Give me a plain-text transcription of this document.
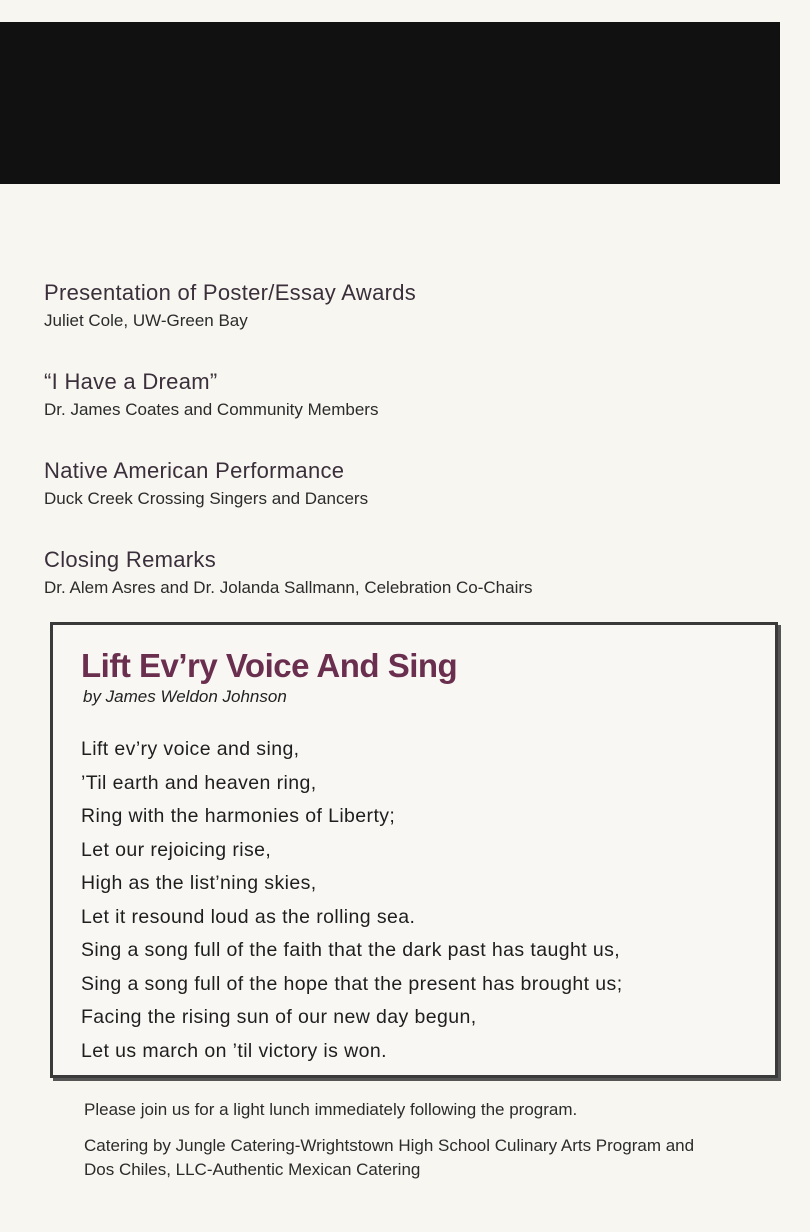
Presentation of Poster/Essay Awards
Juliet Cole, UW-Green Bay
“I Have a Dream”
Dr. James Coates and Community Members
Native American Performance
Duck Creek Crossing Singers and Dancers
Closing Remarks
Dr. Alem Asres and Dr. Jolanda Sallmann, Celebration Co-Chairs
Lift Ev’ry Voice And Sing
by James Weldon Johnson
Lift ev’ry voice and sing,
’Til earth and heaven ring,
Ring with the harmonies of Liberty;
Let our rejoicing rise,
High as the list’ning skies,
Let it resound loud as the rolling sea.
Sing a song full of the faith that the dark past has taught us,
Sing a song full of the hope that the present has brought us;
Facing the rising sun of our new day begun,
Let us march on ’til victory is won.
Please join us for a light lunch immediately following the program.
Catering by Jungle Catering-Wrightstown High School Culinary Arts Program and Dos Chiles, LLC-Authentic Mexican Catering
